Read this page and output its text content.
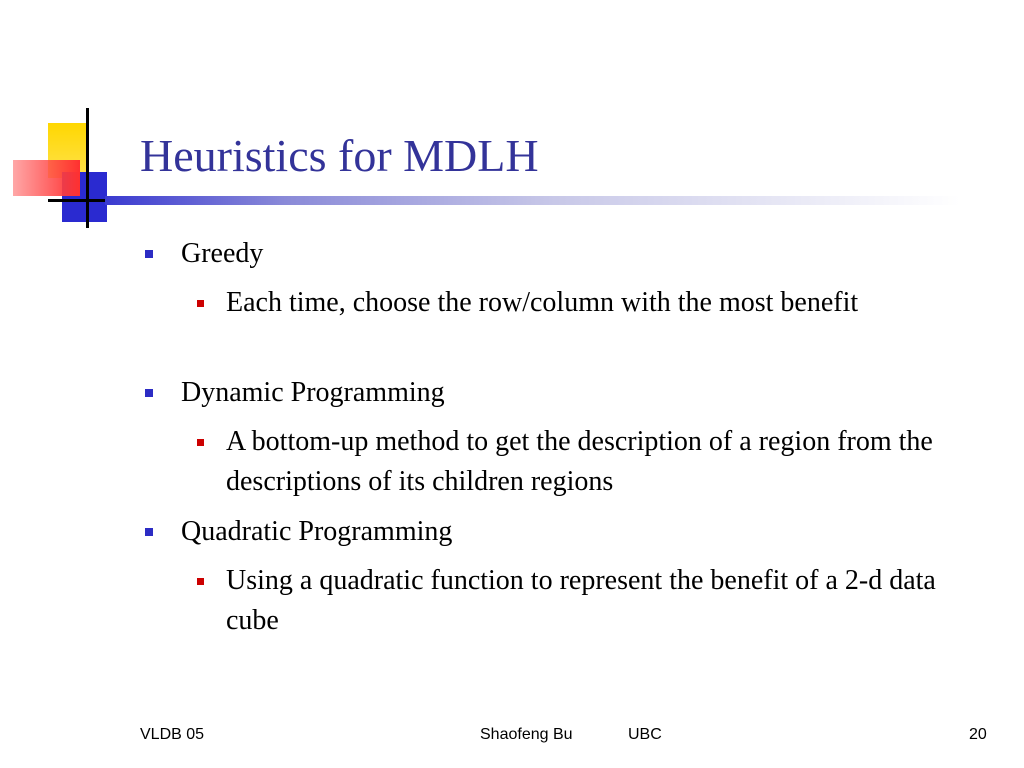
Heuristics for MDLH
Greedy
Each time, choose the row/column with the most benefit
Dynamic Programming
A bottom-up method to get the description of a region from the descriptions of its children regions
Quadratic Programming
Using a quadratic function to represent the benefit of a 2-d data cube
VLDB 05	Shaofeng Bu	UBC	20
